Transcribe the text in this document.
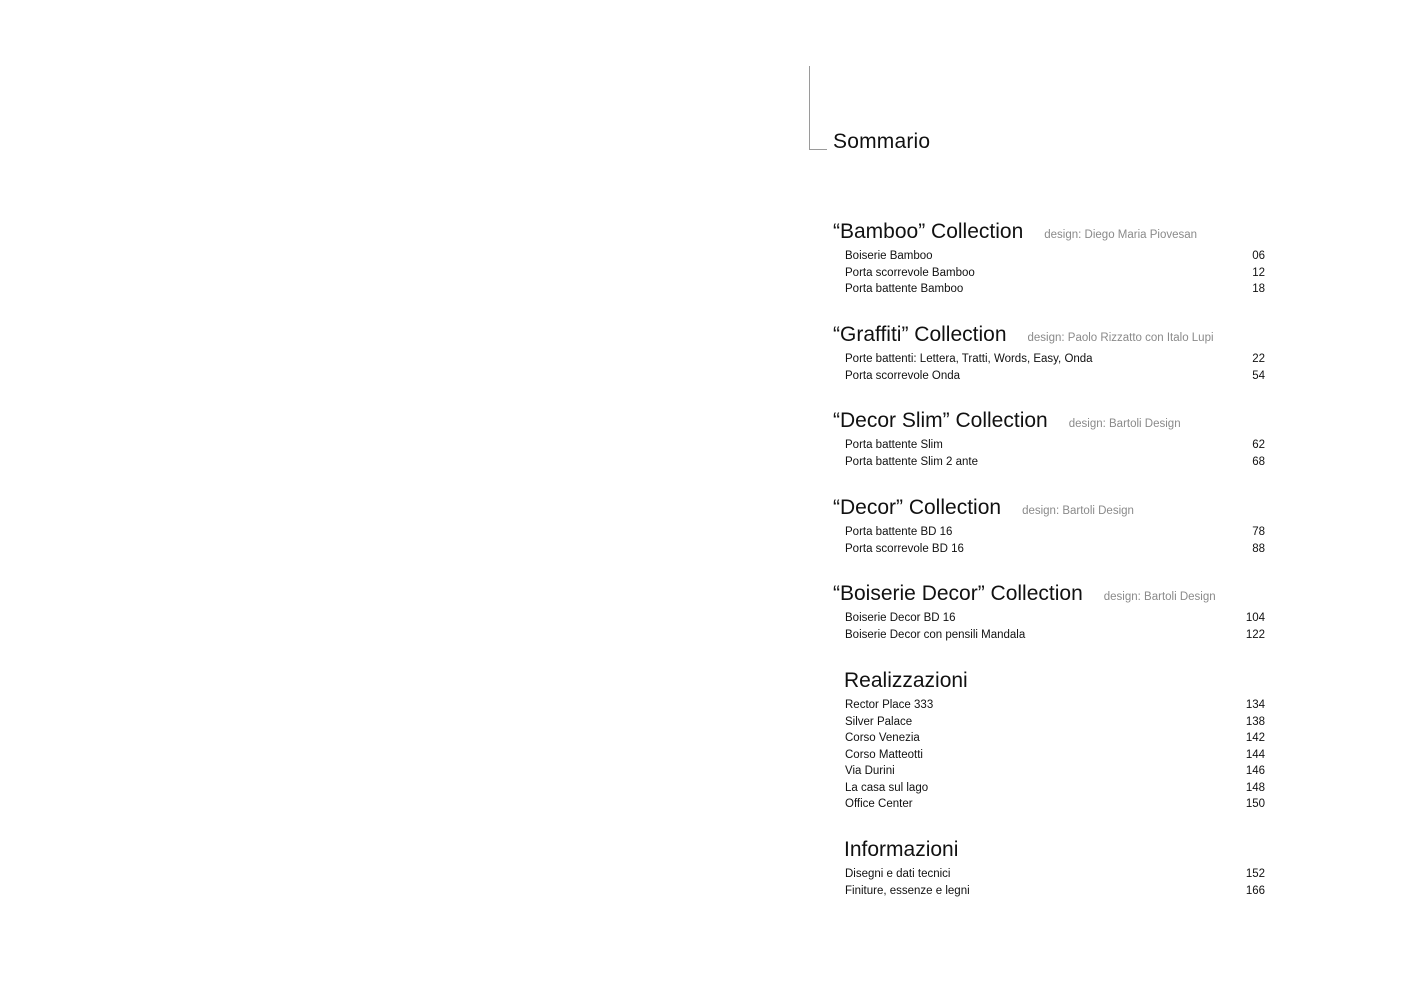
Sommario
“Bamboo” Collection design: Diego Maria Piovesan
Boiserie Bamboo	06
Porta scorrevole Bamboo	12
Porta battente Bamboo	18
“Graffiti” Collection design: Paolo Rizzatto con Italo Lupi
Porte battenti: Lettera, Tratti, Words, Easy, Onda	22
Porta scorrevole Onda	54
“Decor Slim” Collection design: Bartoli Design
Porta battente Slim	62
Porta battente Slim 2 ante	68
“Decor” Collection design: Bartoli Design
Porta battente BD 16	78
Porta scorrevole BD 16	88
“Boiserie Decor” Collection design: Bartoli Design
Boiserie Decor BD 16	104
Boiserie Decor con pensili Mandala	122
Realizzazioni
Rector Place 333	134
Silver Palace	138
Corso Venezia	142
Corso Matteotti	144
Via Durini	146
La casa sul lago	148
Office Center	150
Informazioni
Disegni e dati tecnici	152
Finiture, essenze e legni	166
